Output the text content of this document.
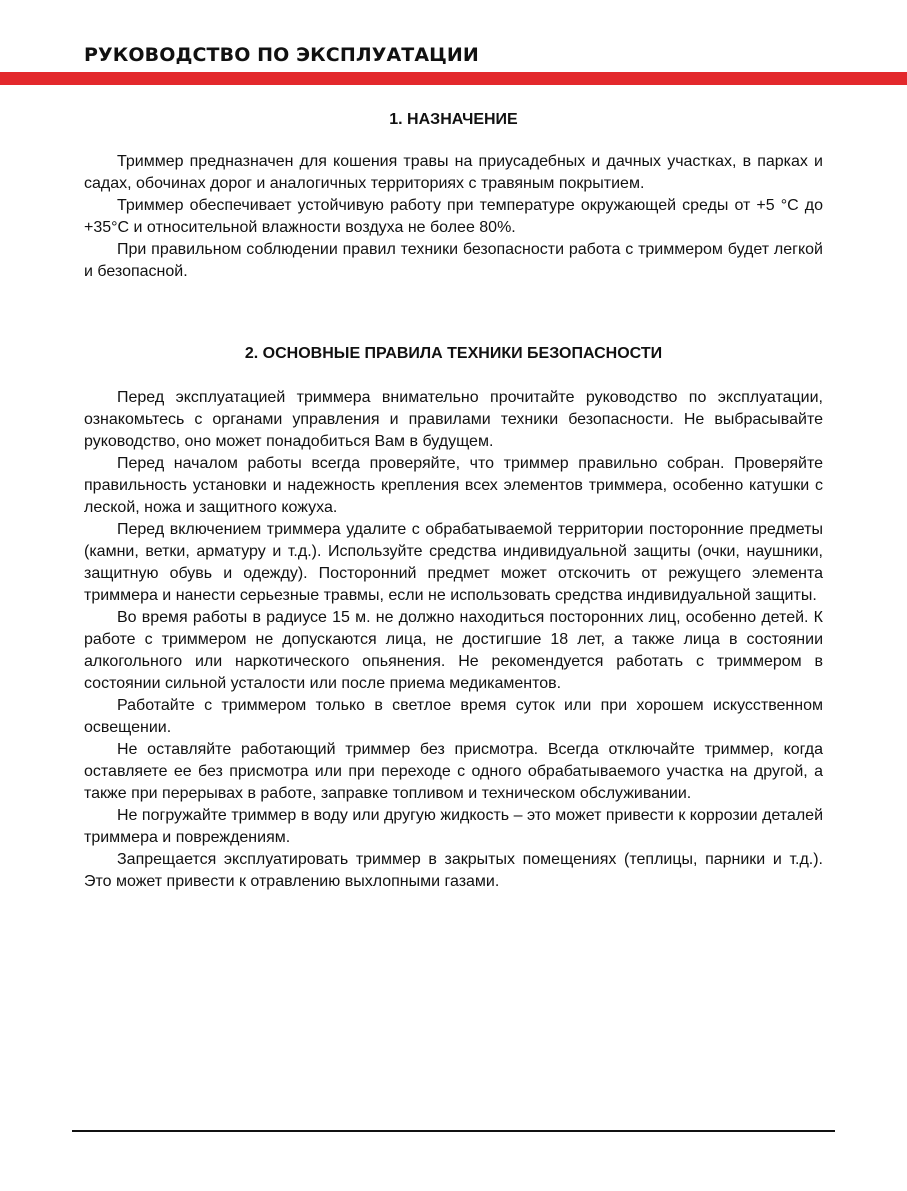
РУКОВОДСТВО ПО ЭКСПЛУАТАЦИИ
1. НАЗНАЧЕНИЕ

Триммер предназначен для кошения травы на приусадебных и дачных участках, в парках и садах, обочинах дорог и аналогичных территориях с травяным покрытием.

Триммер обеспечивает устойчивую работу при температуре окружающей среды от +5 °С до +35°С и относительной влажности воздуха не более 80%.

При правильном соблюдении правил техники безопасности работа с триммером будет легкой и безопасной.

2. ОСНОВНЫЕ ПРАВИЛА ТЕХНИКИ БЕЗОПАСНОСТИ

Перед эксплуатацией триммера внимательно прочитайте руководство по эксплуатации, ознакомьтесь с органами управления и правилами техники безопасности. Не выбрасывайте руководство, оно может понадобиться Вам в будущем.

Перед началом работы всегда проверяйте, что триммер правильно собран. Проверяйте правильность установки и надежность крепления всех элементов триммера, особенно катушки с леской, ножа и защитного кожуха.

Перед включением триммера удалите с обрабатываемой территории посторонние предметы (камни, ветки, арматуру и т.д.). Используйте средства индивидуальной защиты (очки, наушники, защитную обувь и одежду). Посторонний предмет может отскочить от режущего элемента триммера и нанести серьезные травмы, если не использовать средства индивидуальной защиты.

Во время работы в радиусе 15 м. не должно находиться посторонних лиц, особенно детей. К работе с триммером не допускаются лица, не достигшие 18 лет, а также лица в состоянии алкогольного или наркотического опьянения. Не рекомендуется работать с триммером в состоянии сильной усталости или после приема медикаментов.

Работайте с триммером только в светлое время суток или при хорошем искусственном освещении.

Не оставляйте работающий триммер без присмотра. Всегда отключайте триммер, когда оставляете ее без присмотра или при переходе с одного обрабатываемого участка на другой, а также при перерывах в работе, заправке топливом и техническом обслуживании.

Не погружайте триммер в воду или другую жидкость – это может привести к коррозии деталей триммера и повреждениям.

Запрещается эксплуатировать триммер в закрытых помещениях (теплицы, парники и т.д.). Это может привести к отравлению выхлопными газами.
